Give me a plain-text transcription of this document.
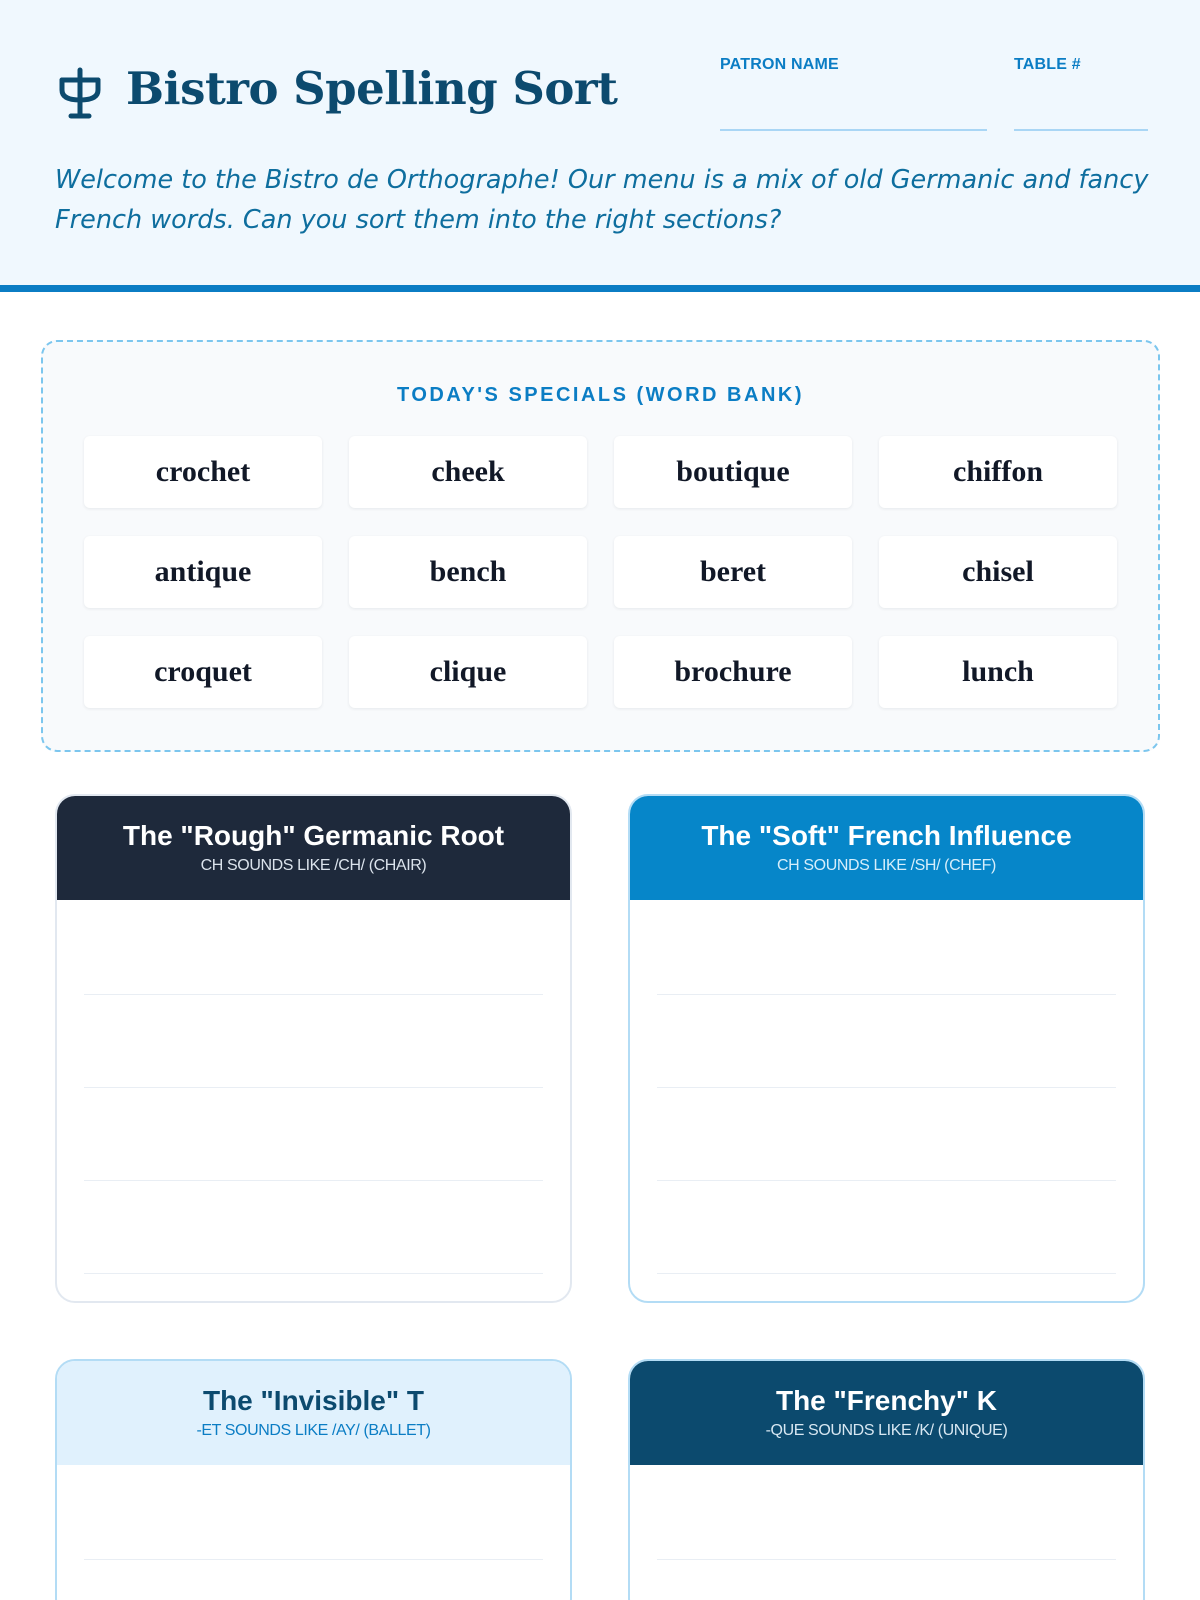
Bistro Spelling Sort	PATRON NAME	TABLE #
Welcome to the Bistro de Orthographe! Our menu is a mix of old Germanic and fancy French words. Can you sort them into the right sections?
TODAY'S SPECIALS (WORD BANK)
crochet	cheek	boutique	chiffon
antique	bench	beret	chisel
croquet	clique	brochure	lunch
The "Rough" Germanic Root
CH SOUNDS LIKE /CH/ (CHAIR)
The "Soft" French Influence
CH SOUNDS LIKE /SH/ (CHEF)
The "Invisible" T
-ET SOUNDS LIKE /AY/ (BALLET)
The "Frenchy" K
-QUE SOUNDS LIKE /K/ (UNIQUE)
